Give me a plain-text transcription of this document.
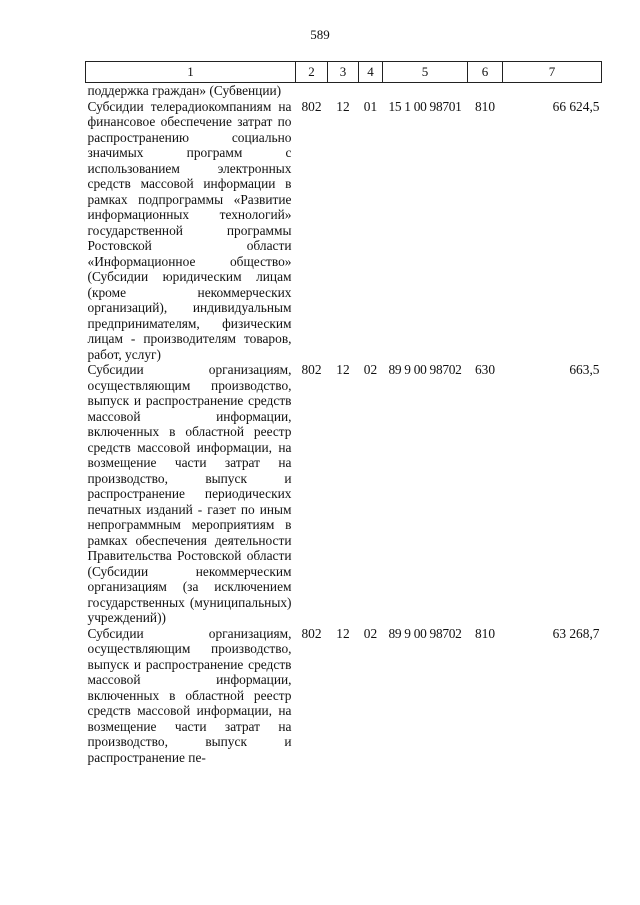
589
1	2	3	4	5	6	7
поддержка граждан» (Субвенции)						
Субсидии телерадиокомпаниям на финансовое обеспечение затрат по распространению социально значимых программ с использованием электронных средств массовой информации в рамках подпрограммы «Развитие информационных технологий» государственной программы Ростовской области «Информационное общество» (Субсидии юридическим лицам (кроме некоммерческих организаций), индивидуальным предпринимателям, физическим лицам - производителям товаров, работ, услуг)	802	12	01	15 1 00 98701	810	66 624,5
Субсидии организациям, осуществляющим производство, выпуск и распространение средств массовой информации, включенных в областной реестр средств массовой информации, на возмещение части затрат на производство, выпуск и распространение периодических печатных изданий - газет по иным непрограммным мероприятиям в рамках обеспечения деятельности Правительства Ростовской области (Субсидии некоммерческим организациям (за исключением государственных (муниципальных) учреждений))	802	12	02	89 9 00 98702	630	663,5
Субсидии организациям, осуществляющим производство, выпуск и распространение средств массовой информации, включенных в областной реестр средств массовой информации, на возмещение части затрат на производство, выпуск и распространение пе-	802	12	02	89 9 00 98702	810	63 268,7
